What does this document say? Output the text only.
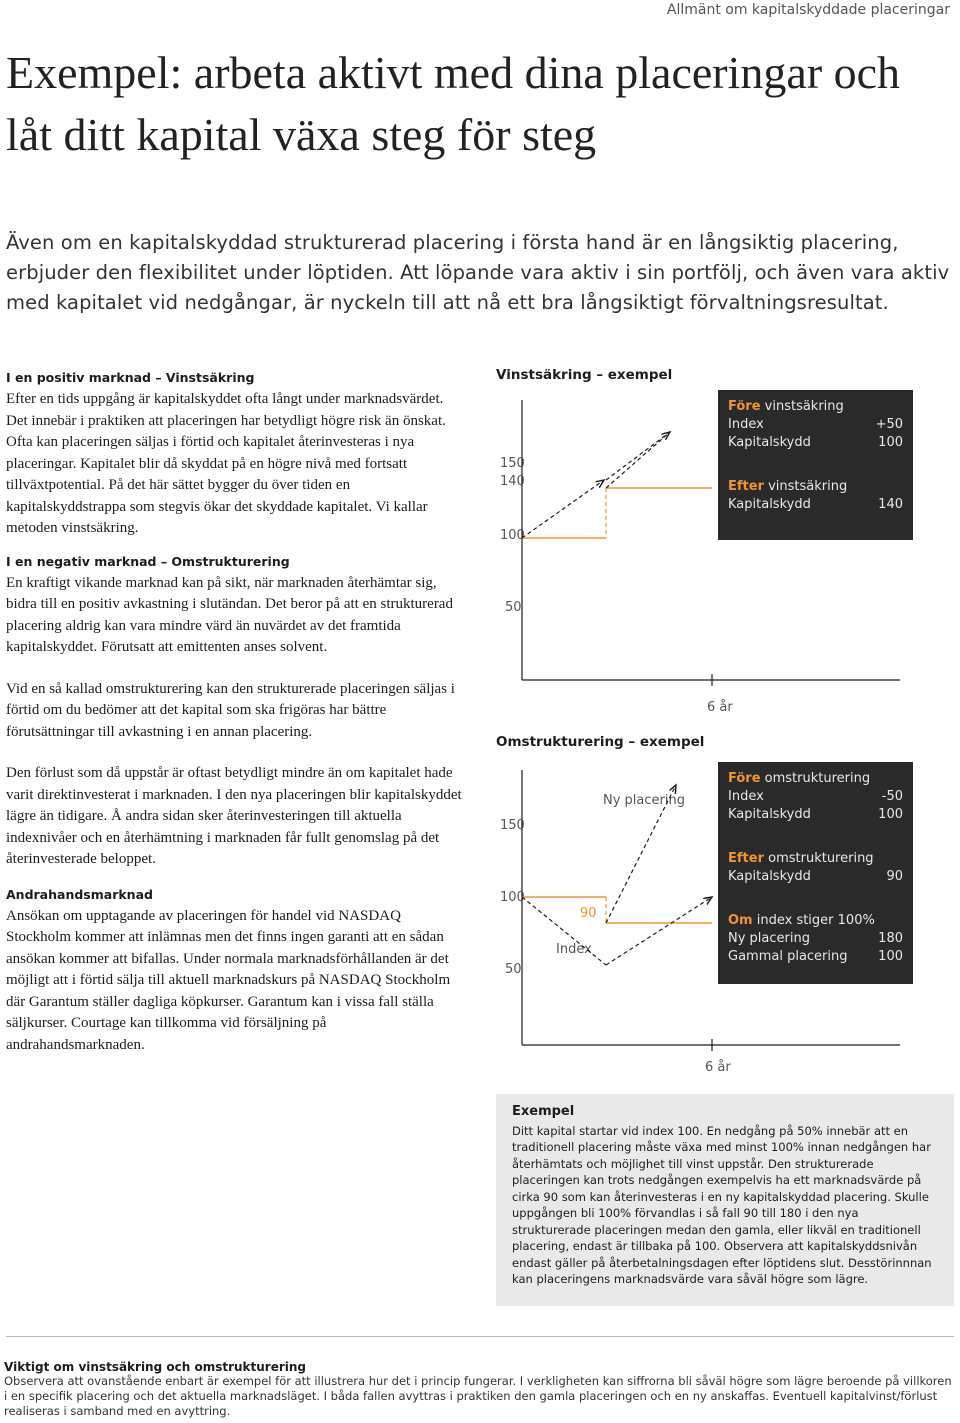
Allmänt om kapitalskyddade placeringar
Exempel: arbeta aktivt med dina placeringar och låt ditt kapital växa steg för steg
Även om en kapitalskyddad strukturerad placering i första hand är en långsiktig placering, erbjuder den flexibilitet under löptiden. Att löpande vara aktiv i sin portfölj, och även vara aktiv med kapitalet vid nedgångar, är nyckeln till att nå ett bra långsiktigt förvaltningsresultat.
I en positiv marknad – Vinstsäkring
Efter en tids uppgång är kapitalskyddet ofta långt under marknadsvärdet. Det innebär i praktiken att placeringen har betydligt högre risk än önskat. Ofta kan placeringen säljas i förtid och kapitalet återinvesteras i nya placeringar. Kapitalet blir då skyddat på en högre nivå med fortsatt tillväxtpotential. På det här sättet bygger du över tiden en kapitalskyddstrappa som stegvis ökar det skyddade kapitalet. Vi kallar metoden vinstsäkring.
I en negativ marknad – Omstrukturering
En kraftigt vikande marknad kan på sikt, när marknaden återhämtar sig, bidra till en positiv avkastning i slutändan. Det beror på att en strukturerad placering aldrig kan vara mindre värd än nuvärdet av det framtida kapitalskyddet. Förutsatt att emittenten anses solvent.
Vid en så kallad omstrukturering kan den strukturerade placeringen säljas i förtid om du bedömer att det kapital som ska frigöras har bättre förutsättningar till avkastning i en annan placering.
Den förlust som då uppstår är oftast betydligt mindre än om kapitalet hade varit direktinvesterat i marknaden. I den nya placeringen blir kapitalskyddet lägre än tidigare. Å andra sidan sker återinvesteringen till aktuella indexnivåer och en återhämtning i marknaden får fullt genomslag på det återinvesterade beloppet.
Andrahandsmarknad
Ansökan om upptagande av placeringen för handel vid NASDAQ Stockholm kommer att inlämnas men det finns ingen garanti att en sådan ansökan kommer att bifallas. Under normala marknadsförhållanden är det möjligt att i förtid sälja till aktuell marknadskurs på NASDAQ Stockholm där Garantum ställer dagliga köpkurser. Garantum kan i vissa fall ställa säljkurser. Courtage kan tillkomma vid försäljning på andrahandsmarknaden.
Vinstsäkring – exempel
150
140
100
50
6 år
Före vinstsäkring
Index	+50
Kapitalskydd	100
Efter vinstsäkring
Kapitalskydd	140
Omstrukturering – exempel
150
100
50
Ny placering
Index
90
6 år
Före omstrukturering
Index	-50
Kapitalskydd	100
Efter omstrukturering
Kapitalskydd	90
Om index stiger 100%
Ny placering	180
Gammal placering 100
Exempel
Ditt kapital startar vid index 100. En nedgång på 50% innebär att en traditionell placering måste växa med minst 100% innan nedgången har återhämtats och möjlighet till vinst uppstår. Den strukturerade placeringen kan trots nedgången exempelvis ha ett marknadsvärde på cirka 90 som kan återinvesteras i en ny kapitalskyddad placering. Skulle uppgången bli 100% förvandlas i så fall 90 till 180 i den nya strukturerade placeringen medan den gamla, eller likväl en traditionell placering, endast är tillbaka på 100. Observera att kapitalskyddsnivån endast gäller på återbetalningsdagen efter löptidens slut. Desstörinnnan kan placeringens marknadsvärde vara såväl högre som lägre.
Viktigt om vinstsäkring och omstrukturering
Observera att ovanstående enbart är exempel för att illustrera hur det i princip fungerar. I verkligheten kan siffrorna bli såväl högre som lägre beroende på villkoren i en specifik placering och det aktuella marknadsläget. I båda fallen avyttras i praktiken den gamla placeringen och en ny anskaffas. Eventuell kapitalvinst/förlust realiseras i samband med en avyttring.
